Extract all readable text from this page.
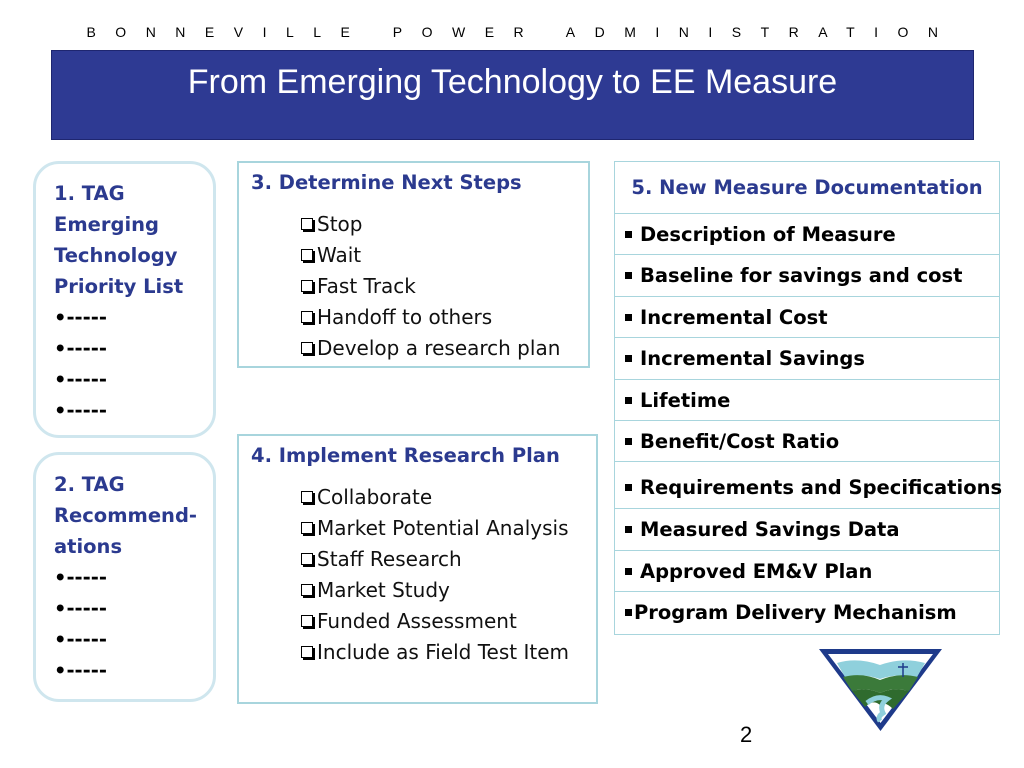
BONNEVILLE POWER ADMINISTRATION
From Emerging Technology to EE Measure
1. TAG
Emerging
Technology
Priority List
•-----
•-----
•-----
•-----
2. TAG
Recommend-
ations
•-----
•-----
•-----
•-----
3. Determine Next Steps
Stop
Wait
Fast Track
Handoff to others
Develop a research plan
4. Implement Research Plan
Collaborate
Market Potential Analysis
Staff Research
Market Study
Funded Assessment
Include as Field Test Item
5. New Measure Documentation
Description of Measure
Baseline for savings and cost
Incremental Cost
Incremental Savings
Lifetime
Benefit/Cost Ratio
Requirements and Specifications
Measured Savings Data
Approved EM&V Plan
Program Delivery Mechanism
2
